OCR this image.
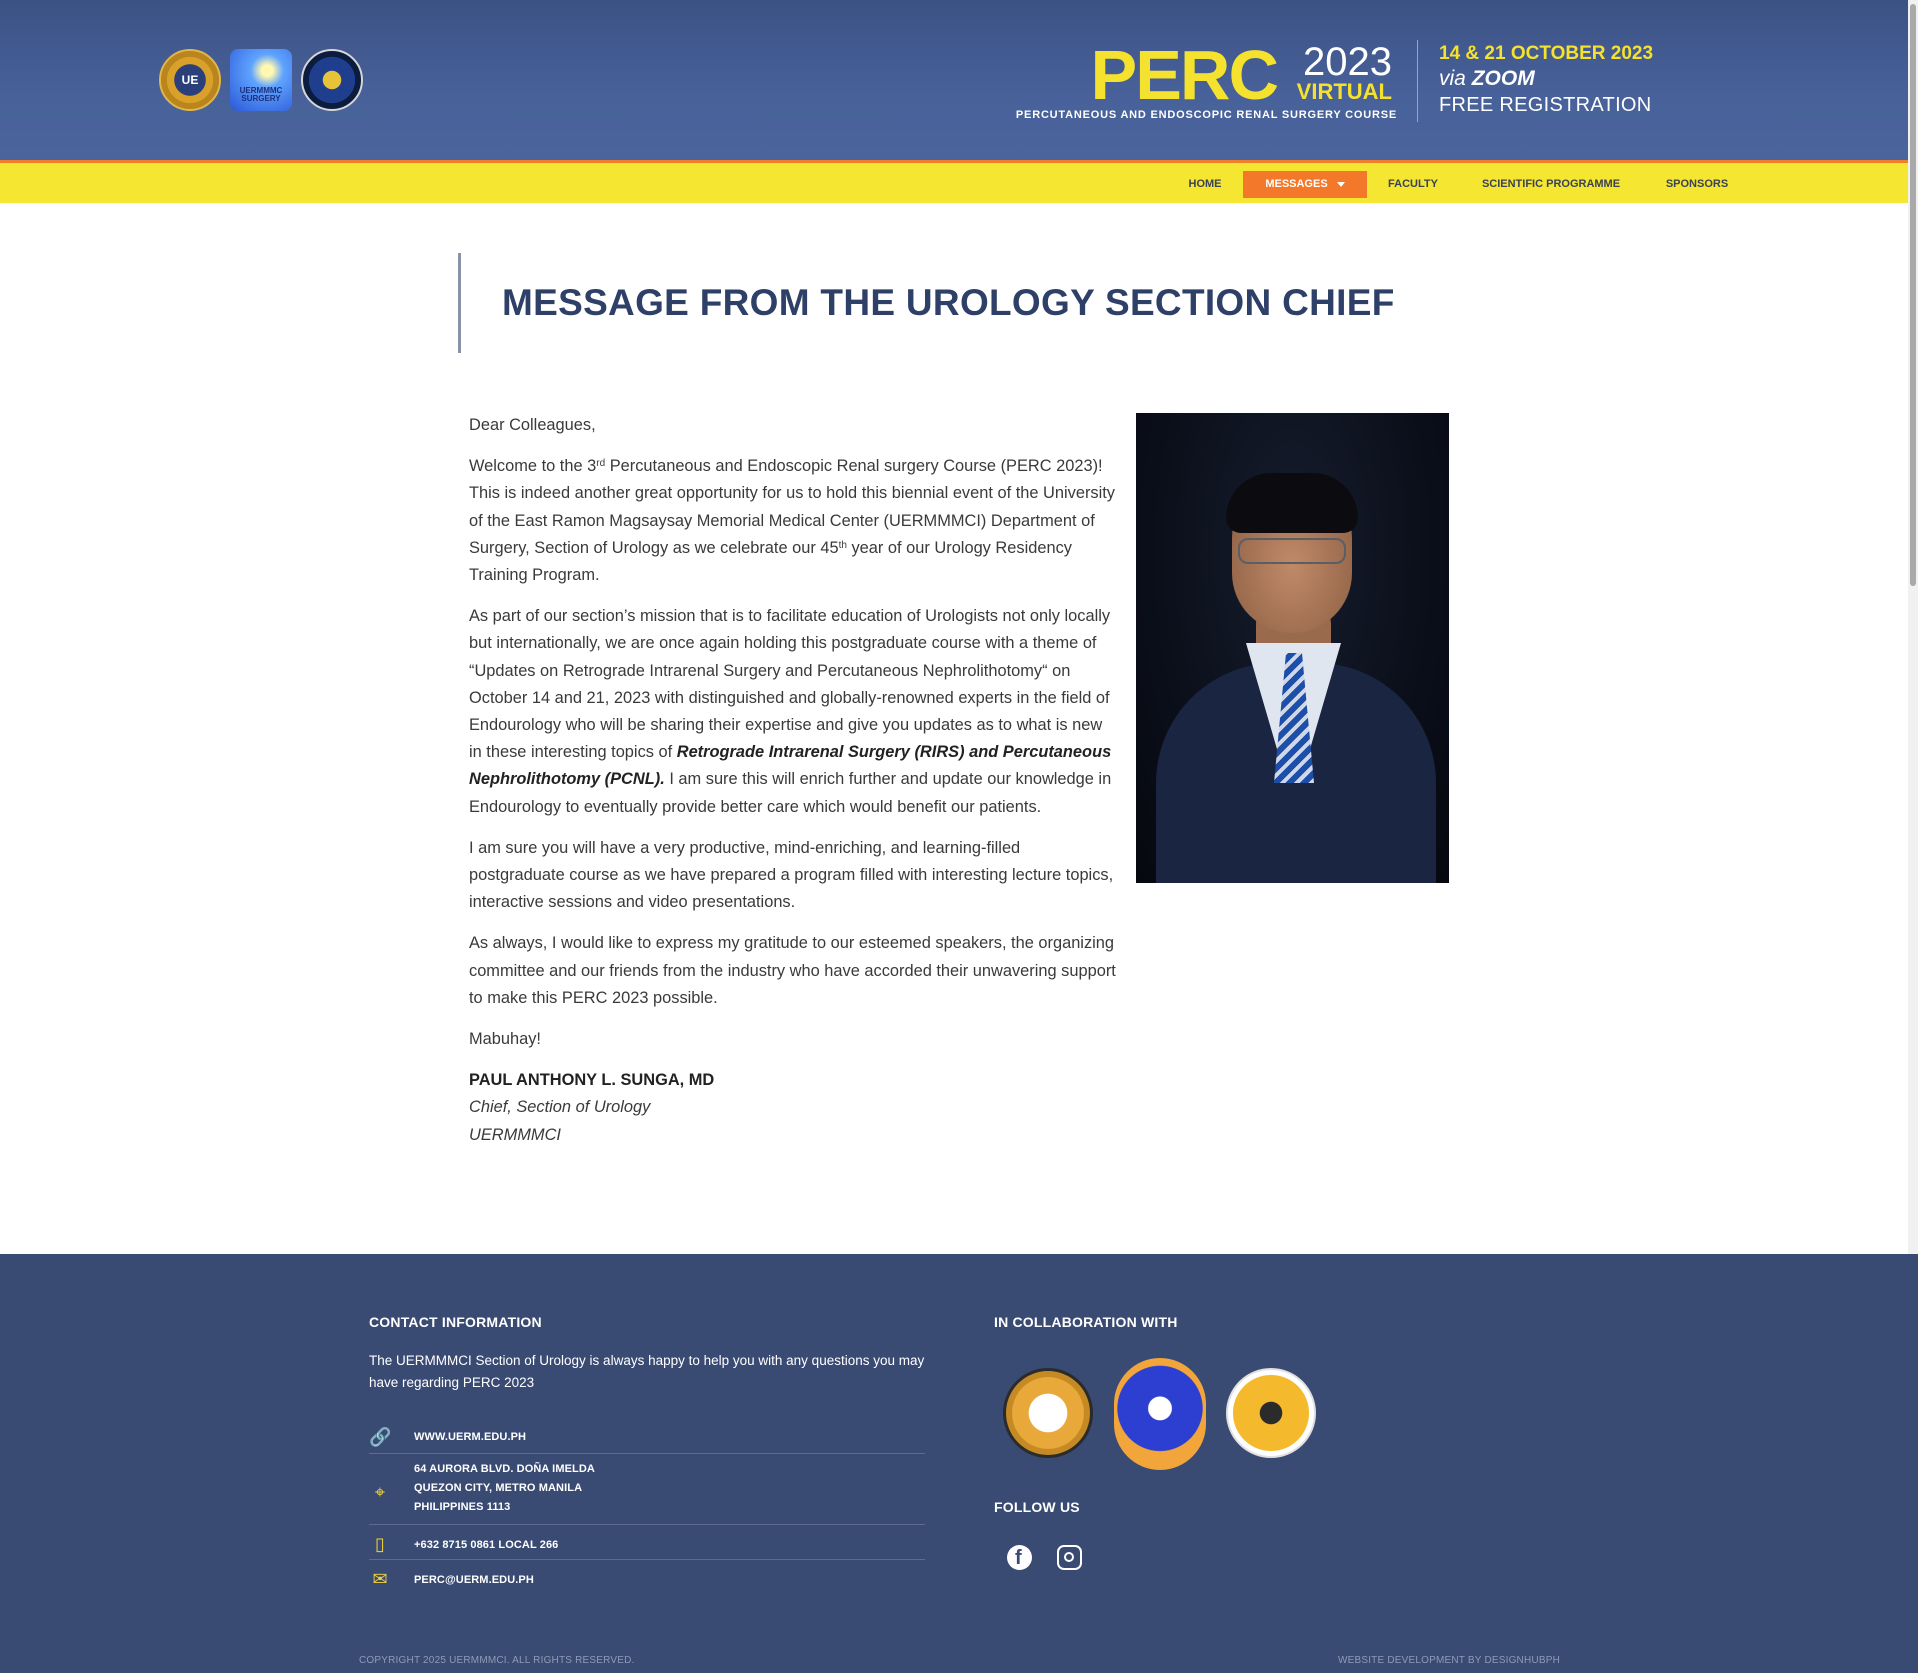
UE
UERMMMC SURGERY	PERC 2023
VIRTUAL
PERCUTANEOUS AND ENDOSCOPIC RENAL SURGERY COURSE
14 & 21 OCTOBER 2023
via ZOOM
FREE REGISTRATION
HOME	MESSAGES	FACULTY	SCIENTIFIC PROGRAMME	SPONSORS
MESSAGE FROM THE UROLOGY SECTION CHIEF

Dear Colleagues,

Welcome to the 3rd Percutaneous and Endoscopic Renal surgery Course (PERC 2023)! This is indeed another great opportunity for us to hold this biennial event of the University of the East Ramon Magsaysay Memorial Medical Center (UERMMMCI) Department of Surgery, Section of Urology as we celebrate our 45th year of our Urology Residency Training Program.

As part of our section’s mission that is to facilitate education of Urologists not only locally but internationally, we are once again holding this postgraduate course with a theme of “Updates on Retrograde Intrarenal Surgery and Percutaneous Nephrolithotomy“ on October 14 and 21, 2023 with distinguished and globally-renowned experts in the field of Endourology who will be sharing their expertise and give you updates as to what is new in these interesting topics of Retrograde Intrarenal Surgery (RIRS) and Percutaneous Nephrolithotomy (PCNL). I am sure this will enrich further and update our knowledge in Endourology to eventually provide better care which would benefit our patients.

I am sure you will have a very productive, mind-enriching, and learning-filled postgraduate course as we have prepared a program filled with interesting lecture topics, interactive sessions and video presentations.

As always, I would like to express my gratitude to our esteemed speakers, the organizing committee and our friends from the industry who have accorded their unwavering support to make this PERC 2023 possible.

Mabuhay!

PAUL ANTHONY L. SUNGA, MD
Chief, Section of Urology
UERMMMCI
CONTACT INFORMATION
The UERMMMCI Section of Urology is always happy to help you with any questions you may have regarding PERC 2023
🔗 WWW.UERM.EDU.PH
⌖
64 AURORA BLVD. DOÑA IMELDA
QUEZON CITY, METRO MANILA
PHILIPPINES 1113
▯	+632 8715 0861 LOCAL 266
✉	PERC@UERM.EDU.PH
IN COLLABORATION WITH
FOLLOW US
f
COPYRIGHT 2025 UERMMMCI. ALL RIGHTS RESERVED.	WEBSITE DEVELOPMENT BY DESIGNHUBPH
